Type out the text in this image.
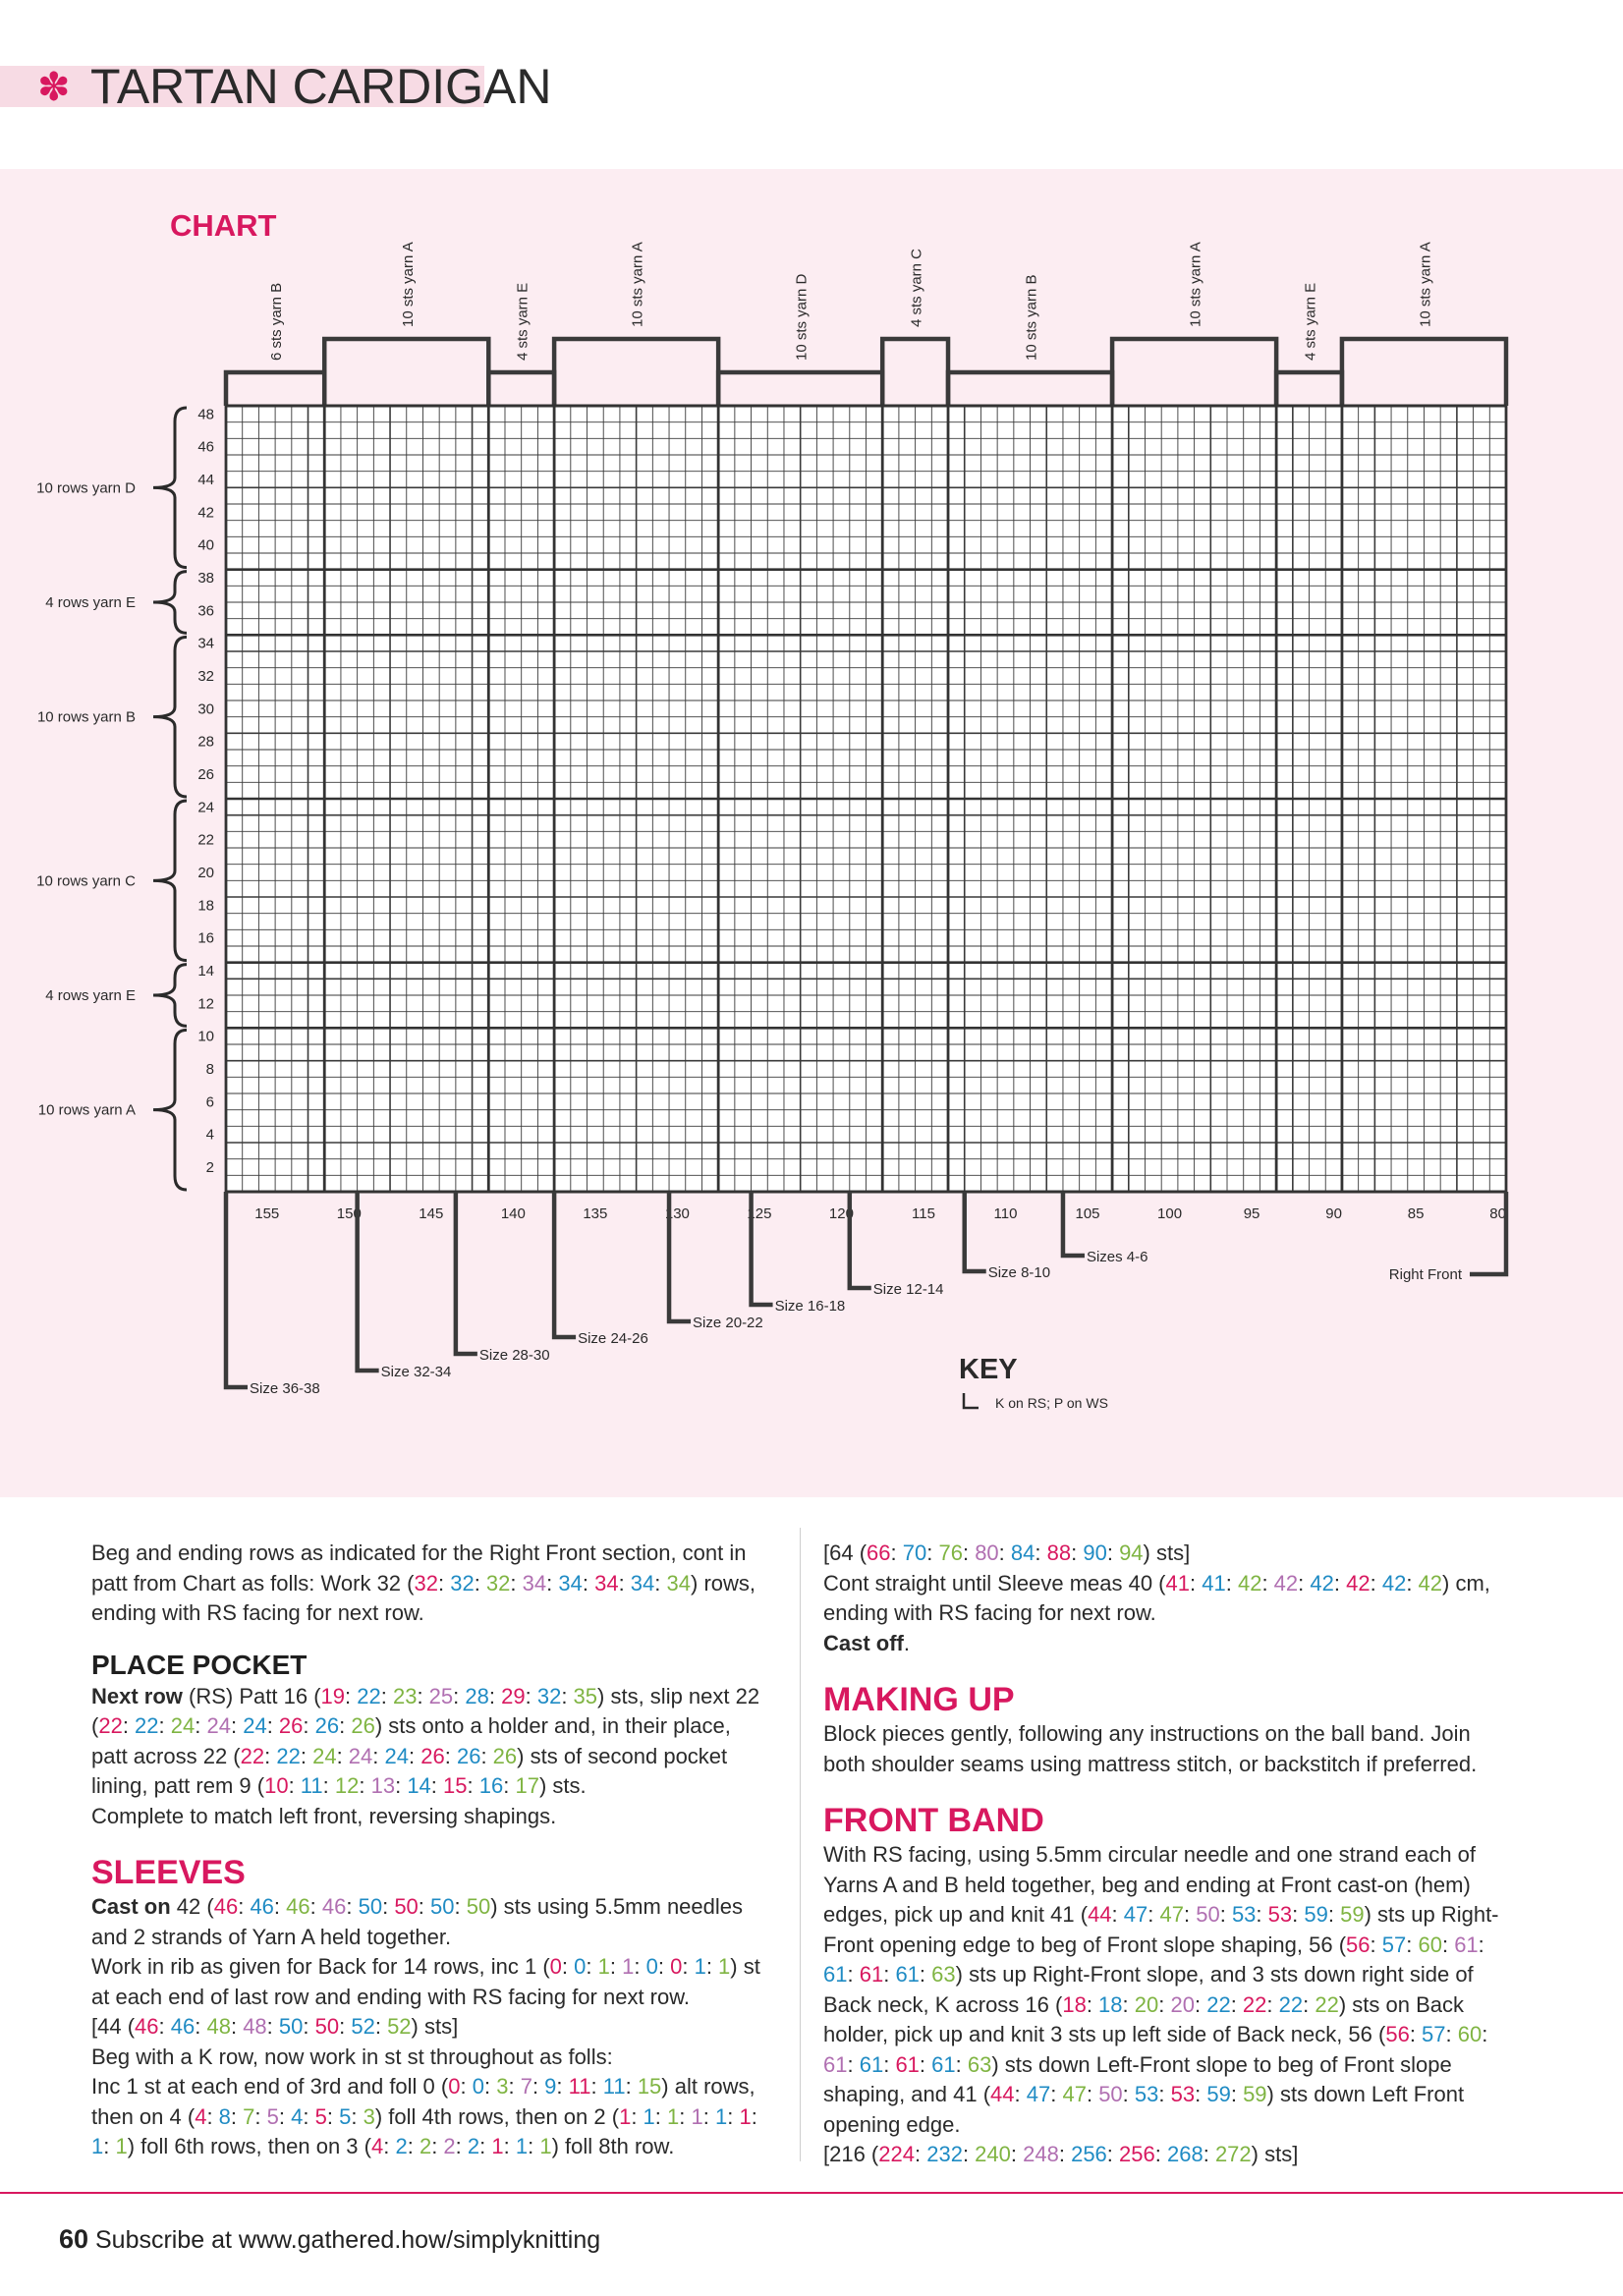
✽ TARTAN CARDIGAN
CHART
6 sts yarn B	10 sts yarn A	4 sts yarn E	10 sts yarn A	10 sts yarn D	4 sts yarn C	10 sts yarn B	10 sts yarn A	4 sts yarn E	10 sts yarn A
48
46
44
42
40
38
36
34
32
30
28
26
24
22
20
18
16
14
12
10
8
6
4
2
10 rows yarn D
4 rows yarn E
10 rows yarn B
10 rows yarn C
4 rows yarn E
10 rows yarn A
155	150	145	140	135	130	125	120	115	110	105	100	95	90	85	80
Sizes 4-6
Size 8-10
Size 12-14
Size 16-18
Size 20-22
Size 24-26
Size 28-30
Size 32-34
Size 36-38
Right Front
KEY
K on RS; P on WS

Beg and ending rows as indicated for the Right Front section, cont in patt from Chart as folls: Work 32 (32: 32: 32: 34: 34: 34: 34: 34) rows, ending with RS facing for next row.

PLACE POCKET

Next row (RS) Patt 16 (19: 22: 23: 25: 28: 29: 32: 35) sts, slip next 22 (22: 22: 24: 24: 24: 26: 26: 26) sts onto a holder and, in their place, patt across 22 (22: 22: 24: 24: 24: 26: 26: 26) sts of second pocket lining, patt rem 9 (10: 11: 12: 13: 14: 15: 16: 17) sts.

Complete to match left front, reversing shapings.

SLEEVES

Cast on 42 (46: 46: 46: 46: 50: 50: 50: 50) sts using 5.5mm needles and 2 strands of Yarn A held together.

Work in rib as given for Back for 14 rows, inc 1 (0: 0: 1: 1: 0: 0: 1: 1) st at each end of last row and ending with RS facing for next row.

[44 (46: 46: 48: 48: 50: 50: 52: 52) sts]

Beg with a K row, now work in st st throughout as folls:

Inc 1 st at each end of 3rd and foll 0 (0: 0: 3: 7: 9: 11: 11: 15) alt rows, then on 4 (4: 8: 7: 5: 4: 5: 5: 3) foll 4th rows, then on 2 (1: 1: 1: 1: 1: 1: 1: 1) foll 6th rows, then on 3 (4: 2: 2: 2: 2: 1: 1: 1) foll 8th row.

[64 (66: 70: 76: 80: 84: 88: 90: 94) sts]

Cont straight until Sleeve meas 40 (41: 41: 42: 42: 42: 42: 42: 42) cm, ending with RS facing for next row.

Cast off.

MAKING UP

Block pieces gently, following any instructions on the ball band. Join both shoulder seams using mattress stitch, or backstitch if preferred.

FRONT BAND

With RS facing, using 5.5mm circular needle and one strand each of Yarns A and B held together, beg and ending at Front cast-on (hem) edges, pick up and knit 41 (44: 47: 47: 50: 53: 53: 59: 59) sts up Right-Front opening edge to beg of Front slope shaping, 56 (56: 57: 60: 61: 61: 61: 61: 63) sts up Right-Front slope, and 3 sts down right side of Back neck, K across 16 (18: 18: 20: 20: 22: 22: 22: 22) sts on Back holder, pick up and knit 3 sts up left side of Back neck, 56 (56: 57: 60: 61: 61: 61: 61: 63) sts down Left-Front slope to beg of Front slope shaping, and 41 (44: 47: 47: 50: 53: 53: 59: 59) sts down Left Front opening edge.

[216 (224: 232: 240: 248: 256: 256: 268: 272) sts]

60 Subscribe at www.gathered.how/simplyknitting
